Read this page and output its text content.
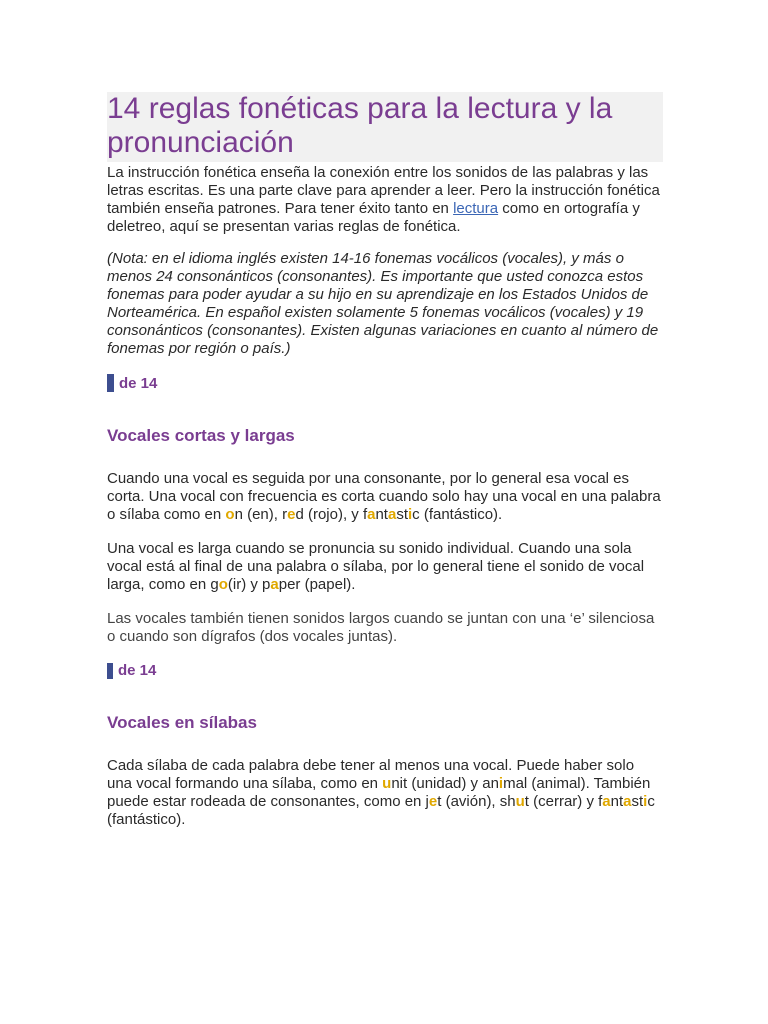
14 reglas fonéticas para la lectura y la pronunciación

La instrucción fonética enseña la conexión entre los sonidos de las palabras y las letras escritas. Es una parte clave para aprender a leer. Pero la instrucción fonética también enseña patrones. Para tener éxito tanto en lectura como en ortografía y deletreo, aquí se presentan varias reglas de fonética.

(Nota: en el idioma inglés existen 14-16 fonemas vocálicos (vocales), y más o menos 24 consonánticos (consonantes). Es importante que usted conozca estos fonemas para poder ayudar a su hijo en su aprendizaje en los Estados Unidos de Norteamérica. En español existen solamente 5 fonemas vocálicos (vocales) y 19 consonánticos (consonantes). Existen algunas variaciones en cuanto al número de fonemas por región o país.)

de 14
Vocales cortas y largas

Cuando una vocal es seguida por una consonante, por lo general esa vocal es corta. Una vocal con frecuencia es corta cuando solo hay una vocal en una palabra o sílaba como en on (en), red (rojo), y fantastic (fantástico).

Una vocal es larga cuando se pronuncia su sonido individual. Cuando una sola vocal está al final de una palabra o sílaba, por lo general tiene el sonido de vocal larga, como en go(ir) y paper (papel).

Las vocales también tienen sonidos largos cuando se juntan con una ‘e’ silenciosa o cuando son dígrafos (dos vocales juntas).

de 14
Vocales en sílabas

Cada sílaba de cada palabra debe tener al menos una vocal. Puede haber solo una vocal formando una sílaba, como en unit (unidad) y animal (animal). También puede estar rodeada de consonantes, como en jet (avión), shut (cerrar) y fantastic (fantástico).
